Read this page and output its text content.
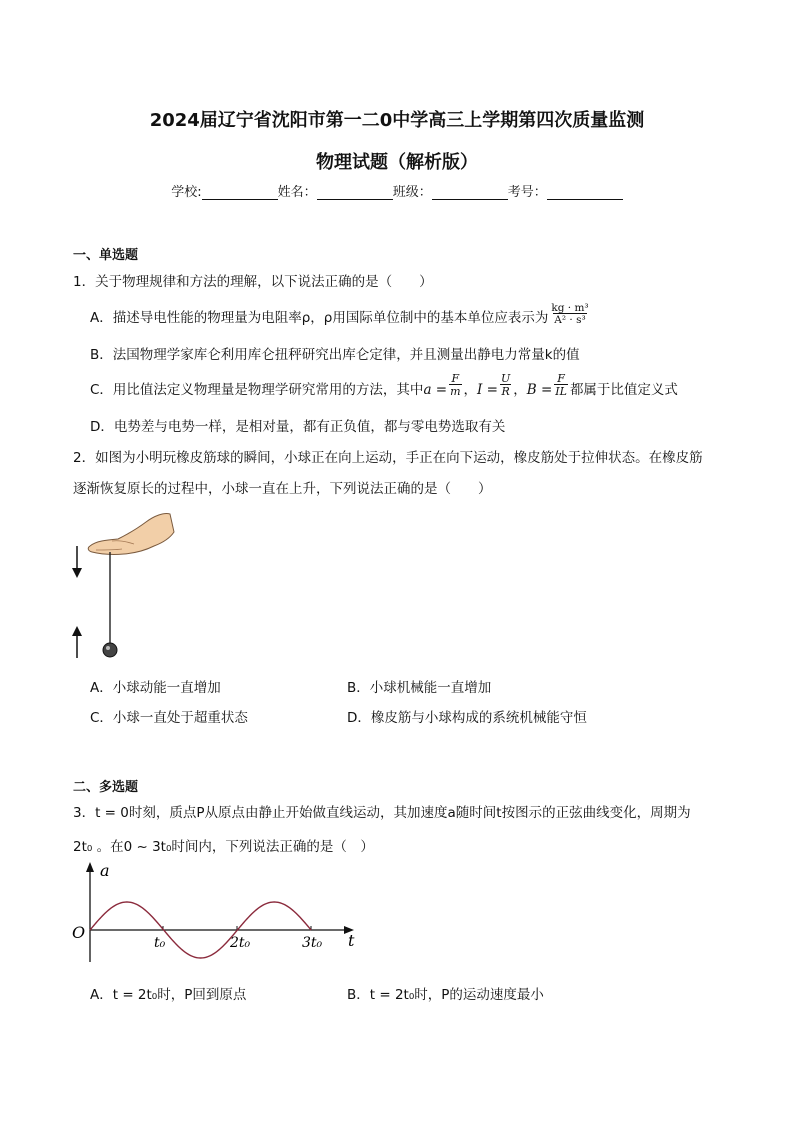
2024届辽宁省沈阳市第一二0中学高三上学期第四次质量监测
物理试题（解析版）
学校:	姓名：	班级：	考号：
一、单选题
1．关于物理规律和方法的理解，以下说法正确的是（　　）
A．描述导电性能的物理量为电阻率ρ，ρ用国际单位制中的基本单位应表示为 $\frac{\text{kg · m³}}{\text{A² · s³}}$
B．法国物理学家库仑利用库仑扭秤研究出库仑定律，并且测量出静电力常量k的值
C．用比值法定义物理量是物理学研究常用的方法，其中$a = \frac{F}{m}$ ，$I = \frac{U}{R}$ ，$B = \frac{F}{IL}$ 都属于比值定义式
D．电势差与电势一样，是相对量，都有正负值，都与零电势选取有关
2．如图为小明玩橡皮筋球的瞬间，小球正在向上运动，手正在向下运动，橡皮筋处于拉伸状态。在橡皮筋
逐渐恢复原长的过程中，小球一直在上升，下列说法正确的是（　　）
A．小球动能一直增加	B．小球机械能一直增加
C．小球一直处于超重状态	D．橡皮筋与小球构成的系统机械能守恒
二、多选题
3．t = 0时刻，质点P从原点由静止开始做直线运动，其加速度a随时间t按图示的正弦曲线变化，周期为
2t₀ 。在0 ~ 3t₀时间内，下列说法正确的是（　）
a
t
O
t₀	2t₀	3t₀
A．t = 2t₀时，P回到原点	B．t = 2t₀时，P的运动速度最小
